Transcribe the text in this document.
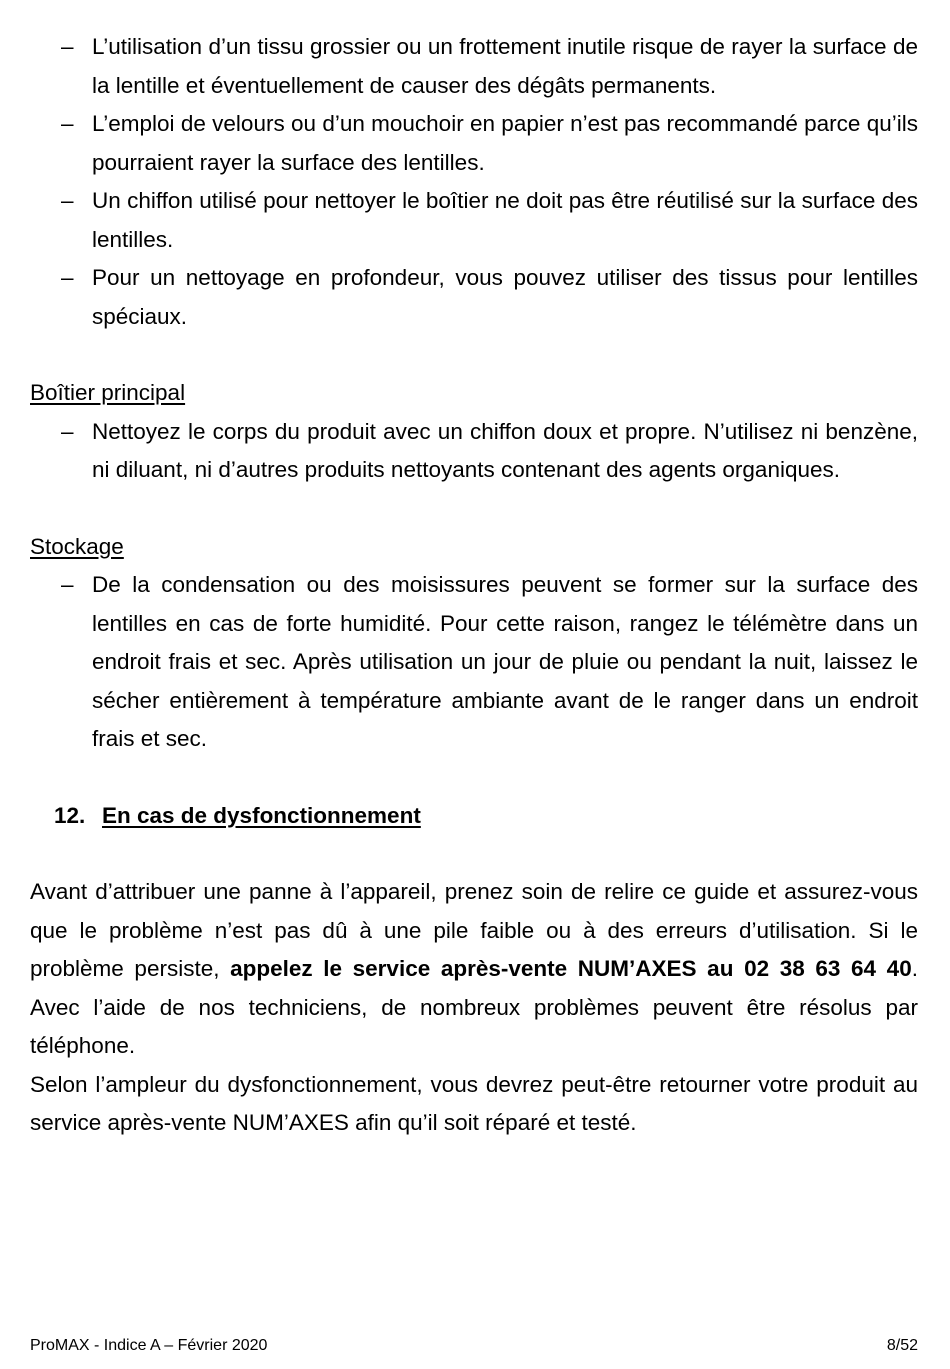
– L’utilisation d’un tissu grossier ou un frottement inutile risque de rayer la surface de la lentille et éventuellement de causer des dégâts permanents.
– L’emploi de velours ou d’un mouchoir en papier n’est pas recommandé parce qu’ils pourraient rayer la surface des lentilles.
– Un chiffon utilisé pour nettoyer le boîtier ne doit pas être réutilisé sur la surface des lentilles.
– Pour un nettoyage en profondeur, vous pouvez utiliser des tissus pour lentilles spéciaux.
Boîtier principal
– Nettoyez le corps du produit avec un chiffon doux et propre. N’utilisez ni benzène, ni diluant, ni d’autres produits nettoyants contenant des agents organiques.
Stockage
– De la condensation ou des moisissures peuvent se former sur la surface des lentilles en cas de forte humidité. Pour cette raison, rangez le télémètre dans un endroit frais et sec. Après utilisation un jour de pluie ou pendant la nuit, laissez le sécher entièrement à température ambiante avant de le ranger dans un endroit frais et sec.
12. En cas de dysfonctionnement

Avant d’attribuer une panne à l’appareil, prenez soin de relire ce guide et assurez-vous que le problème n’est pas dû à une pile faible ou à des erreurs d’utilisation. Si le problème persiste, appelez le service après-vente NUM’AXES au 02 38 63 64 40. Avec l’aide de nos techniciens, de nombreux problèmes peuvent être résolus par téléphone.

Selon l’ampleur du dysfonctionnement, vous devrez peut-être retourner votre produit au service après-vente NUM’AXES afin qu’il soit réparé et testé.

ProMAX - Indice A – Février 2020	8/52
